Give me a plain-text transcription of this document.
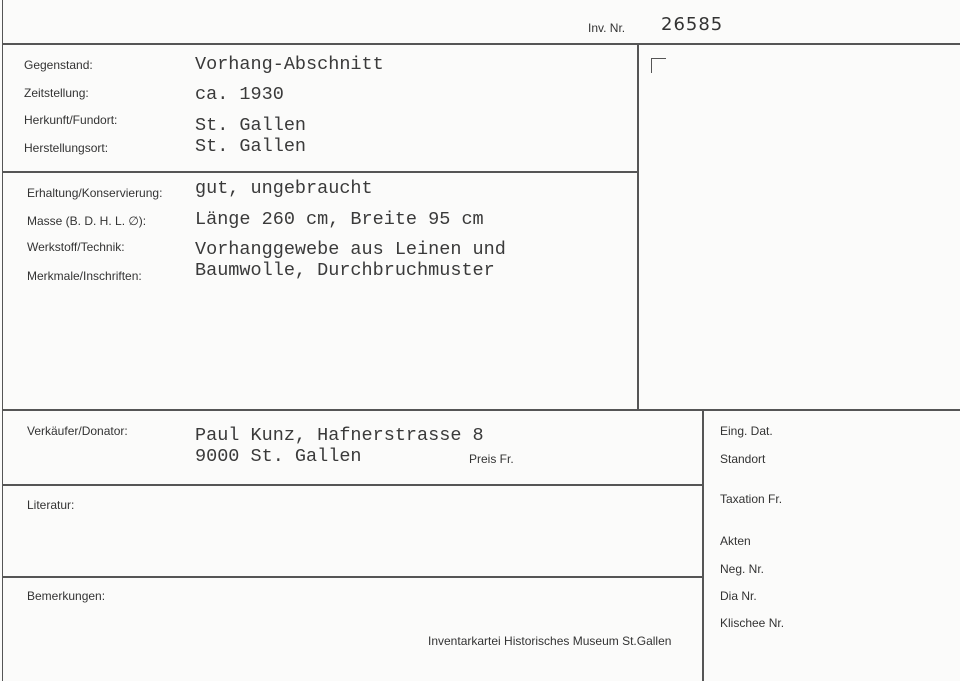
Inv. Nr. 26585
Gegenstand:	Vorhang-Abschnitt
Zeitstellung:	ca. 1930
Herkunft/Fundort:	St. Gallen
Herstellungsort:	St. Gallen
Erhaltung/Konservierung: gut, ungebraucht
Masse (B. D. H. L. ∅):	Länge 260 cm, Breite 95 cm
Werkstoff/Technik:	Vorhanggewebe aus Leinen und
Merkmale/Inschriften:	Baumwolle, Durchbruchmuster
Verkäufer/Donator:	Paul Kunz, Hafnerstrasse 8
9000 St. Gallen	Preis Fr.
Literatur:
Bemerkungen:
Inventarkartei Historisches Museum St.Gallen
Eing. Dat.
Standort
Taxation Fr.
Akten
Neg. Nr.
Dia Nr.
Klischee Nr.
